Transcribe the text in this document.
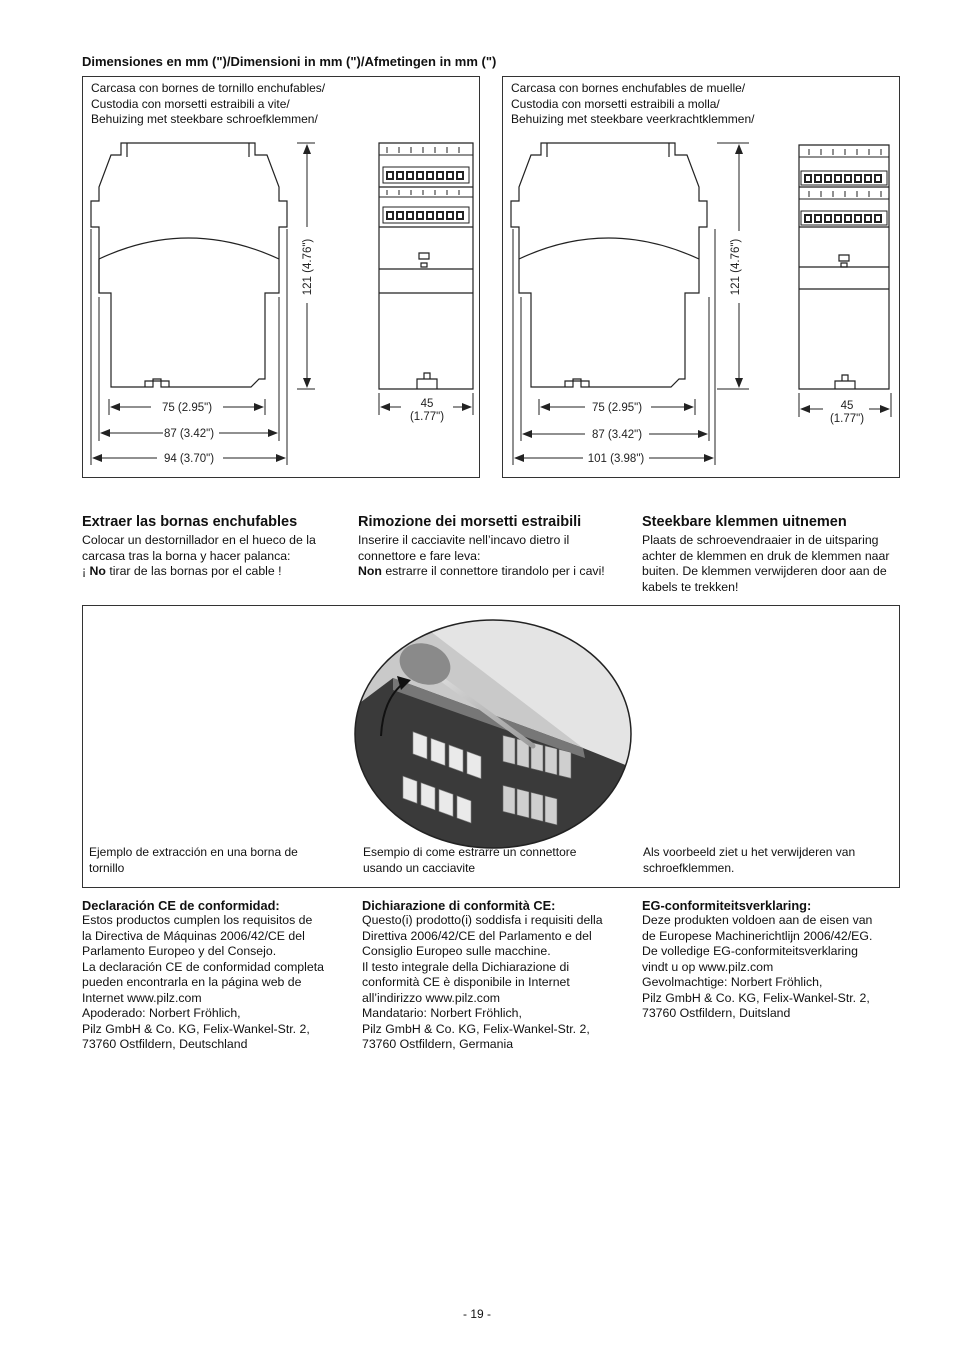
Dimensiones en mm (")/Dimensioni in mm (")/Afmetingen in mm (")
Carcasa con bornes de tornillo enchufables/
Custodia con morsetti estraibili a vite/
Behuizing met steekbare schroefklemmen/
121 (4.76")
75 (2.95")
87 (3.42")
94 (3.70")
45
(1.77")
Carcasa con bornes enchufables de muelle/
Custodia con morsetti estraibili a molla/
Behuizing met steekbare veerkrachtklemmen/
121 (4.76")
75 (2.95")
87 (3.42")
101 (3.98")
45
(1.77")
Extraer las bornas enchufables
Colocar un destornillador en el hueco de la
carcasa tras la borna y hacer palanca:
¡ No tirar de las bornas por el cable !
Rimozione dei morsetti estraibili
Inserire il cacciavite nell’incavo dietro il
connettore e fare leva:
Non estrarre il connettore tirandolo per i cavi!
Steekbare klemmen uitnemen
Plaats de schroevendraaier in de uitsparing
achter de klemmen en druk de klemmen naar
buiten. De klemmen verwijderen door aan de
kabels te trekken!
Ejemplo de extracción en una borna de
tornillo
Esempio di come estrarre un connettore
usando un cacciavite
Als voorbeeld ziet u het verwijderen van
schroefklemmen.
Declaración CE de conformidad:
Estos productos cumplen los requisitos de
la Directiva de Máquinas 2006/42/CE del
Parlamento Europeo y del Consejo.
La declaración CE de conformidad completa
pueden encontrarla en la página web de
Internet www.pilz.com
Apoderado: Norbert Fröhlich,
Pilz GmbH & Co. KG, Felix-Wankel-Str. 2,
73760 Ostfildern, Deutschland
Dichiarazione di conformità CE:
Questo(i) prodotto(i) soddisfa i requisiti della
Direttiva 2006/42/CE del Parlamento e del
Consiglio Europeo sulle macchine.
Il testo integrale della Dichiarazione di
conformità CE è disponibile in Internet
all’indirizzo www.pilz.com
Mandatario: Norbert Fröhlich,
Pilz GmbH & Co. KG, Felix-Wankel-Str. 2,
73760 Ostfildern, Germania
EG-conformiteitsverklaring:
Deze produkten voldoen aan de eisen van
de Europese Machinerichtlijn 2006/42/EG.
De volledige EG-conformiteitsverklaring
vindt u op www.pilz.com
Gevolmachtige: Norbert Fröhlich,
Pilz GmbH & Co. KG, Felix-Wankel-Str. 2,
73760 Ostfildern, Duitsland
- 19 -
